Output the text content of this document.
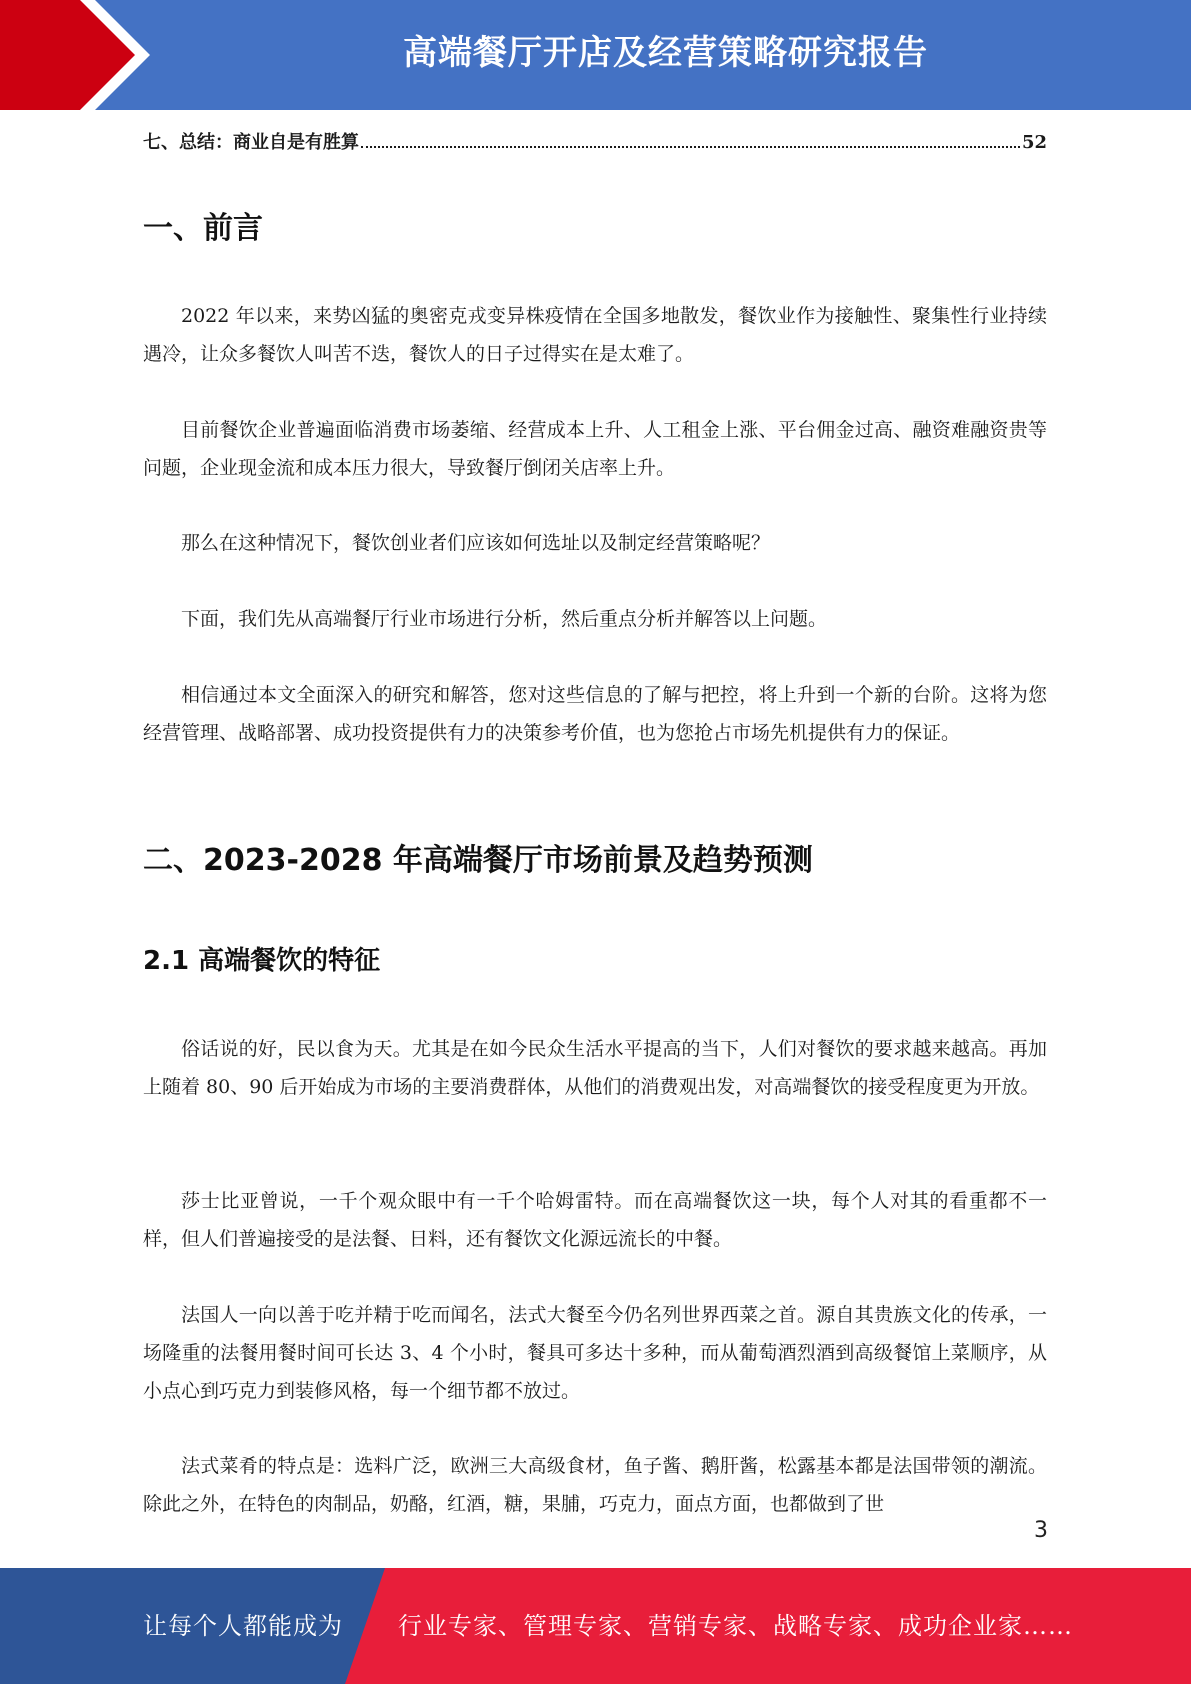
高端餐厅开店及经营策略研究报告
七、总结：商业自是有胜算	52
一、前言

2022 年以来，来势凶猛的奥密克戎变异株疫情在全国多地散发，餐饮业作为接触性、聚集性行业持续遇冷，让众多餐饮人叫苦不迭，餐饮人的日子过得实在是太难了。

目前餐饮企业普遍面临消费市场萎缩、经营成本上升、人工租金上涨、平台佣金过高、融资难融资贵等问题，企业现金流和成本压力很大，导致餐厅倒闭关店率上升。

那么在这种情况下，餐饮创业者们应该如何选址以及制定经营策略呢？

下面，我们先从高端餐厅行业市场进行分析，然后重点分析并解答以上问题。

相信通过本文全面深入的研究和解答，您对这些信息的了解与把控，将上升到一个新的台阶。这将为您经营管理、战略部署、成功投资提供有力的决策参考价值，也为您抢占市场先机提供有力的保证。

二、2023-2028 年高端餐厅市场前景及趋势预测
2.1 高端餐饮的特征

俗话说的好，民以食为天。尤其是在如今民众生活水平提高的当下，人们对餐饮的要求越来越高。再加上随着 80、90 后开始成为市场的主要消费群体，从他们的消费观出发，对高端餐饮的接受程度更为开放。

莎士比亚曾说，一千个观众眼中有一千个哈姆雷特。而在高端餐饮这一块，每个人对其的看重都不一样，但人们普遍接受的是法餐、日料，还有餐饮文化源远流长的中餐。

法国人一向以善于吃并精于吃而闻名，法式大餐至今仍名列世界西菜之首。源自其贵族文化的传承，一场隆重的法餐用餐时间可长达 3、4 个小时，餐具可多达十多种，而从葡萄酒烈酒到高级餐馆上菜顺序，从小点心到巧克力到装修风格，每一个细节都不放过。

法式菜肴的特点是：选料广泛，欧洲三大高级食材，鱼子酱、鹅肝酱，松露基本都是法国带领的潮流。除此之外，在特色的肉制品，奶酪，红酒，糖，果脯，巧克力，面点方面，也都做到了世

3
让每个人都能成为 行业专家、管理专家、营销专家、战略专家、成功企业家……
